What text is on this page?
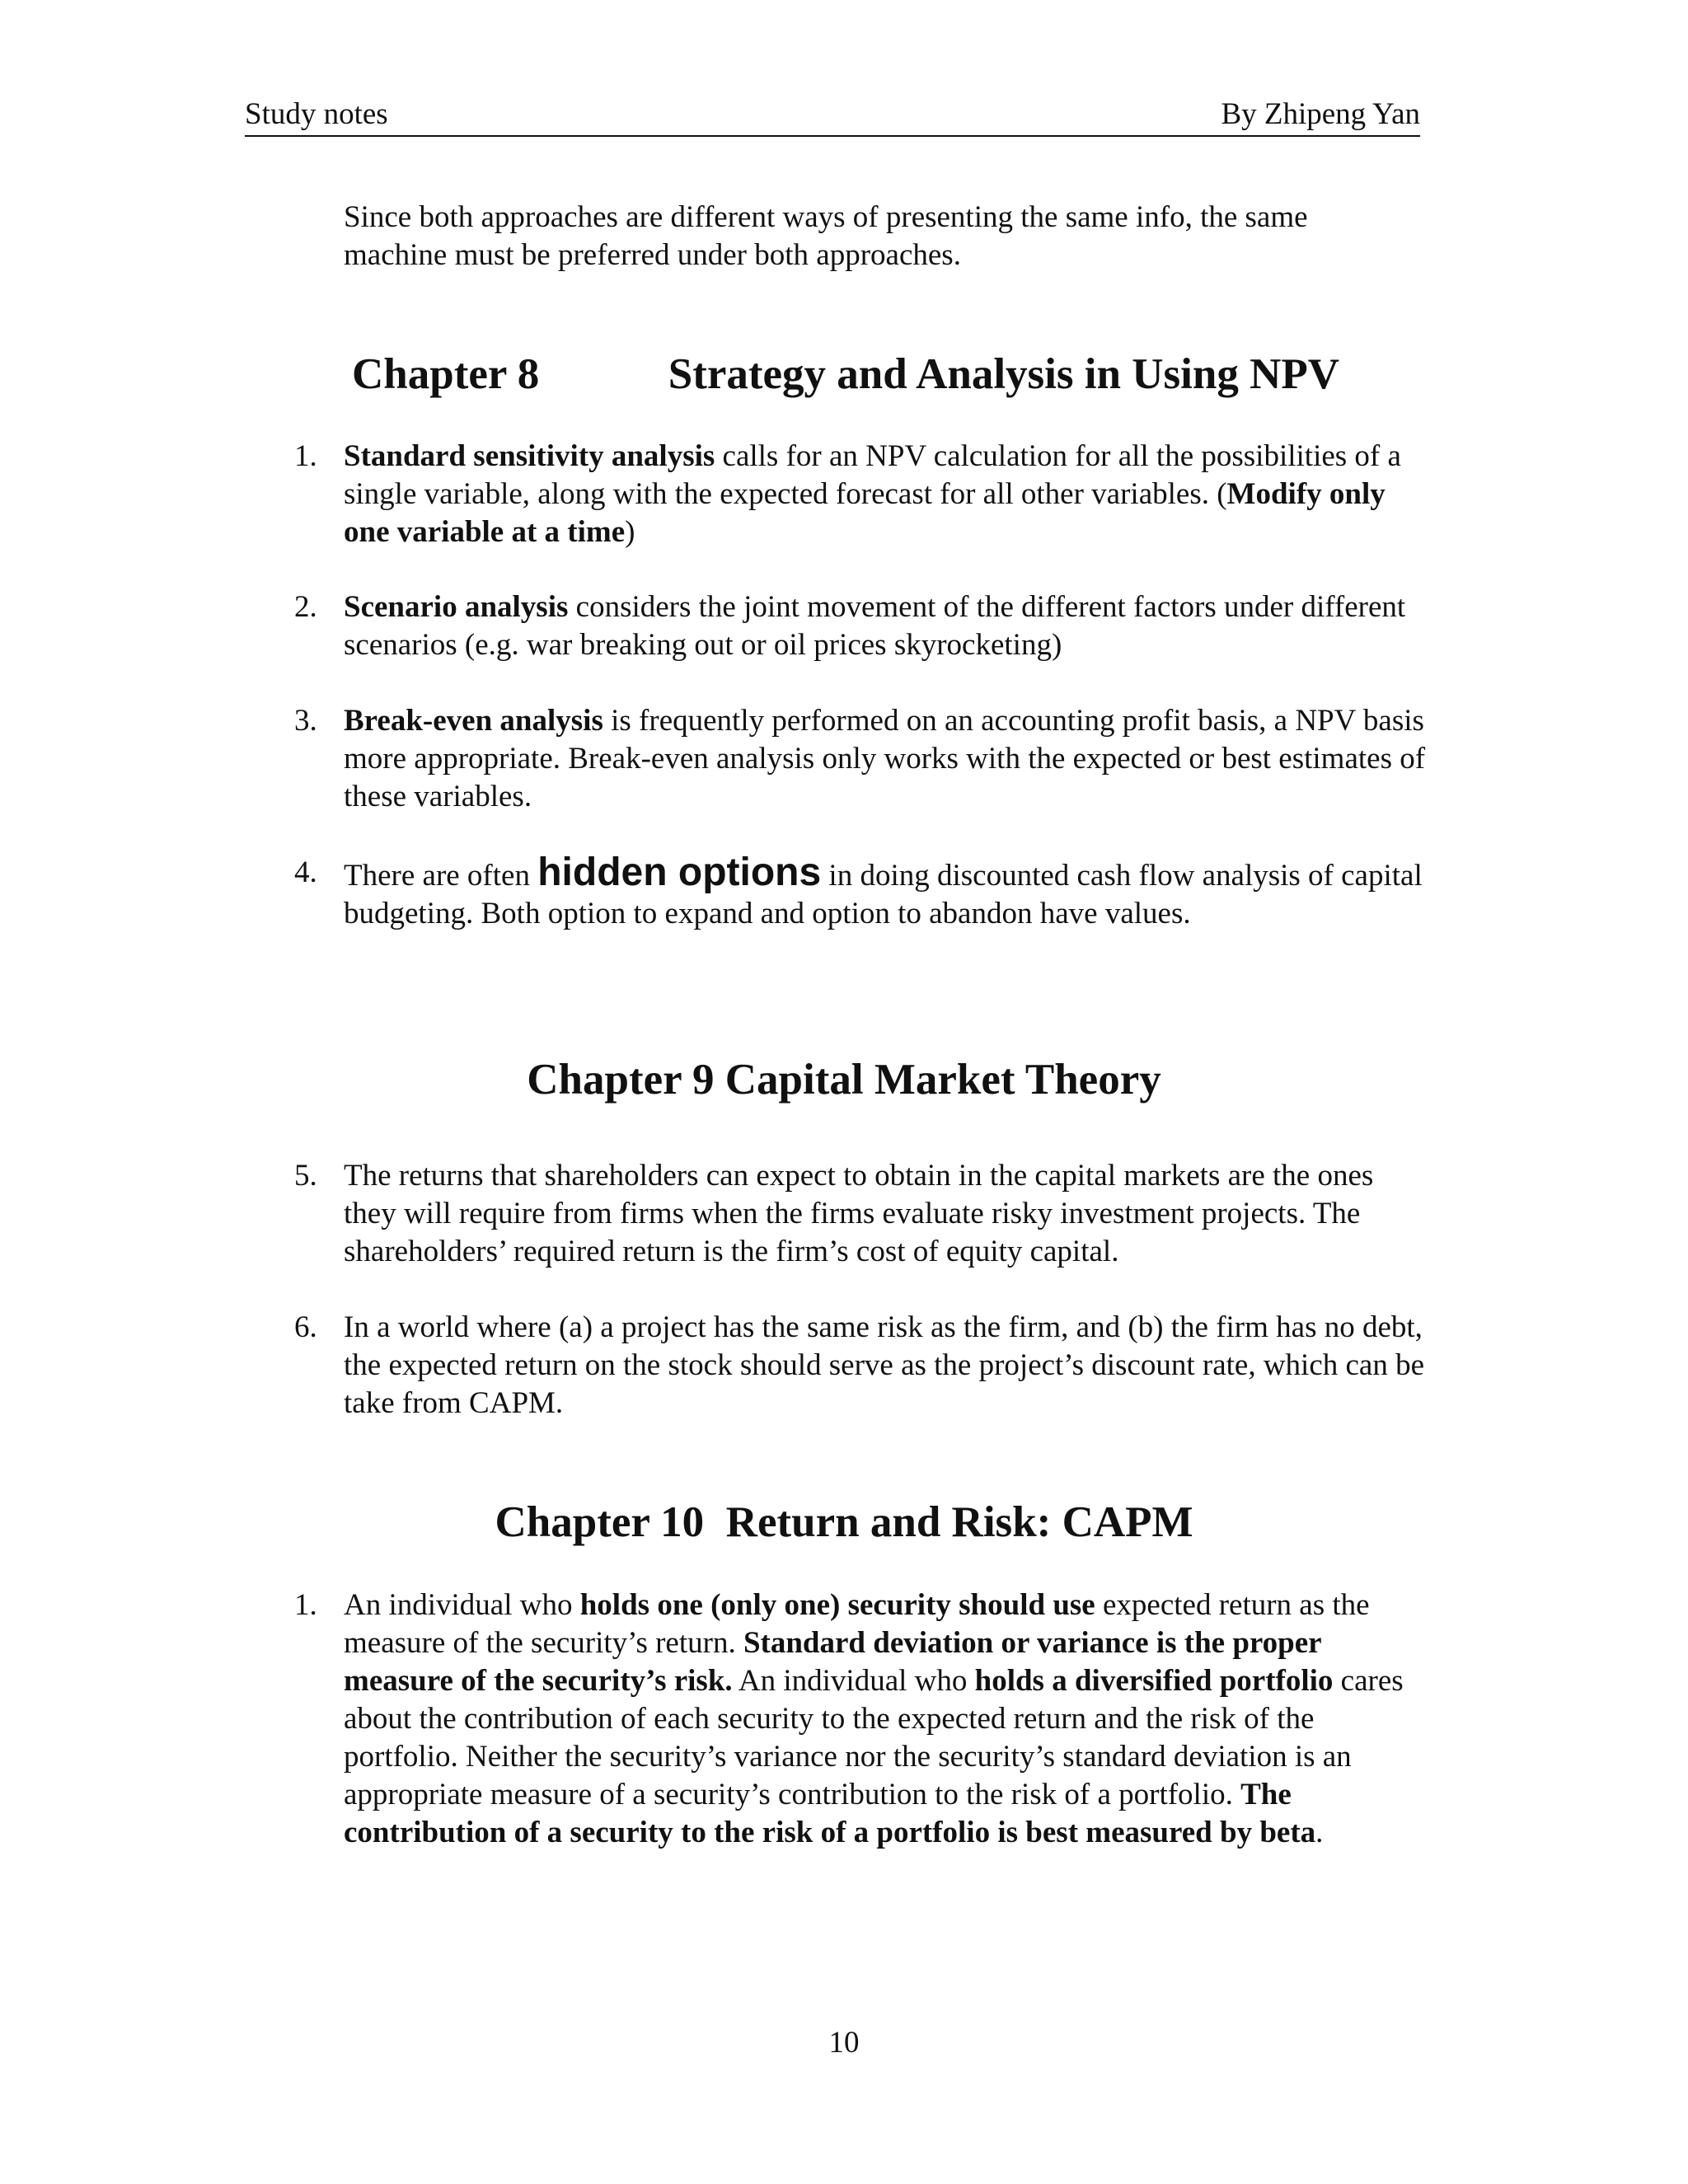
Study notes	By Zhipeng Yan
Since both approaches are different ways of presenting the same info, the same
machine must be preferred under both approaches.
Chapter 8	Strategy and Analysis in Using NPV
1. Standard sensitivity analysis calls for an NPV calculation for all the possibilities of a single variable, along with the expected forecast for all other variables. (Modify only one variable at a time)
2. Scenario analysis considers the joint movement of the different factors under different scenarios (e.g. war breaking out or oil prices skyrocketing)
3. Break-even analysis is frequently performed on an accounting profit basis, a NPV basis more appropriate. Break-even analysis only works with the expected or best estimates of these variables.
4. There are often hidden options in doing discounted cash flow analysis of capital budgeting. Both option to expand and option to abandon have values.
Chapter 9 Capital Market Theory
5. The returns that shareholders can expect to obtain in the capital markets are the ones they will require from firms when the firms evaluate risky investment projects. The shareholders’ required return is the firm’s cost of equity capital.
6. In a world where (a) a project has the same risk as the firm, and (b) the firm has no debt, the expected return on the stock should serve as the project’s discount rate, which can be take from CAPM.
Chapter 10  Return and Risk: CAPM
1. An individual who holds one (only one) security should use expected return as the measure of the security’s return. Standard deviation or variance is the proper measure of the security’s risk. An individual who holds a diversified portfolio cares about the contribution of each security to the expected return and the risk of the portfolio. Neither the security’s variance nor the security’s standard deviation is an appropriate measure of a security’s contribution to the risk of a portfolio. The contribution of a security to the risk of a portfolio is best measured by beta.
10
